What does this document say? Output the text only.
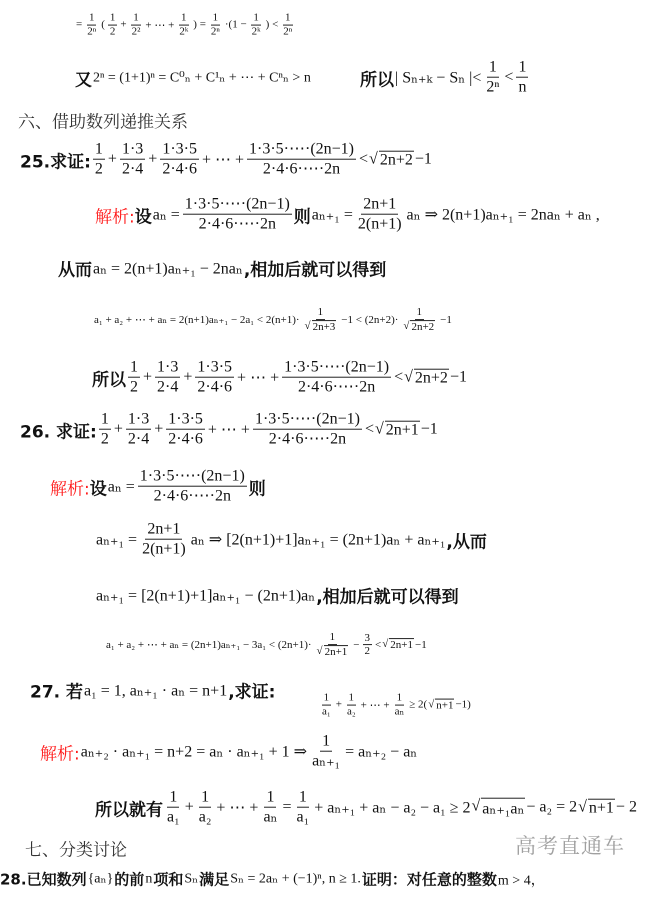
= $\frac{1}{\text{2ⁿ}}$ ( $\frac{1}{2} + \frac{1}{\text{2²}}$ + ⋯ + $\frac{1}{\text{2ᵏ}}$ ) = $\frac{1}{\text{2ⁿ}} \cdot(1 - \frac{1}{\text{2ᵏ}}$ ) < $\frac{1}{\text{2ⁿ}}$
又 2ⁿ = (1+1)ⁿ = C⁰ₙ + C¹ₙ + ⋯ + Cⁿₙ > n	所以 | Sₙ₊ₖ − Sₙ |< $\frac{1}{\text{2ⁿ}} < \frac{1}{n}$
六、借助数列递推关系
25.求证: $\frac{1}{2} + \frac{1\cdot 3}{2\cdot 4} + \frac{1\cdot 3\cdot 5}{2\cdot 4\cdot 6}$ + ⋯ + $\frac{1\cdot 3\cdot 5\cdot\cdots\cdot(2n-1)}{2\cdot 4\cdot 6\cdot\cdots\cdot 2n}$ < √ 2n+2 −1
解析: 设 $a_n = \frac{1\cdot 3\cdot 5\cdot\cdots\cdot(2n-1)}{2\cdot 4\cdot 6\cdot\cdots\cdot 2n}$ 则 $a_{n+1} = \frac{2n+1}{2(n+1)}$ aₙ ⇒ 2(n+1)aₙ₊₁ = 2naₙ + aₙ ,
从而 aₙ = 2(n+1)aₙ₊₁ − 2naₙ ,相加后就可以得到
a₁ + a₂ + ⋯ + $a_n = 2(n+1)a_{n+1} - 2a_1 < 2(n+1)\cdot \frac{1}{√ 2n+3} -1 < (2n+2)\cdot \frac{1}{√ 2n+2} -1$
所以 $\frac{1}{2} + \frac{1\cdot 3}{2\cdot 4} + \frac{1\cdot 3\cdot 5}{2\cdot 4\cdot 6}$ + ⋯ + $\frac{1\cdot 3\cdot 5\cdot\cdots\cdot(2n-1)}{2\cdot 4\cdot 6\cdot\cdots\cdot 2n}$ < √ 2n+2 −1
26. 求证: $\frac{1}{2} + \frac{1\cdot 3}{2\cdot 4} + \frac{1\cdot 3\cdot 5}{2\cdot 4\cdot 6}$ + ⋯ + $\frac{1\cdot 3\cdot 5\cdot\cdots\cdot(2n-1)}{2\cdot 4\cdot 6\cdot\cdots\cdot 2n}$ < √ 2n+1 −1
解析: 设 $a_n = \frac{1\cdot 3\cdot 5\cdot\cdots\cdot(2n-1)}{2\cdot 4\cdot 6\cdot\cdots\cdot 2n}$ 则
$a_{n+1} = \frac{2n+1}{2(n+1)}$ aₙ ⇒ [2(n+1)+1]aₙ₊₁ = (2n+1)aₙ + aₙ₊₁ ,从而
aₙ₊₁ = [2(n+1)+1]aₙ₊₁ − (2n+1)aₙ ,相加后就可以得到
a₁ + a₂ + ⋯ + $a_n = (2n+1)a_{n+1} - 3a_1 < (2n+1)\cdot \frac{1}{√ 2n+1} - \frac{3}{2}$ < √ 2n+1 −1
27. 若 a₁ = 1, aₙ₊₁ · aₙ = n+1 ,求证:	$\frac{1}{\text{a₁}} + \frac{1}{\text{a₂}}$ + ⋯ + $\frac{1}{\text{aₙ}} \ge 2$( √ n+1 −1)
解析: aₙ₊₂ · aₙ₊₁ = n+2 = aₙ · aₙ₊₁ + 1 ⇒ $\frac{1}{\text{aₙ₊₁}} = a_{n+2} - a_n$
所以就有 $\frac{1}{\text{a₁}} + \frac{1}{\text{a₂}}$ + ⋯ + $\frac{1}{\text{aₙ}} = \frac{1}{\text{a₁}} + a_{n+1} + a_n - a_2 - a_1 \ge 2$ √ aₙ₊₁aₙ − a₂ = 2 √ n+1 − 2
七、分类讨论
28.已知数列 {aₙ} 的前 n 项和 Sₙ 满足 Sₙ = 2aₙ + (−1)ⁿ, n ≥ 1. 证明：对任意的整数 m > 4，
高考直通车
